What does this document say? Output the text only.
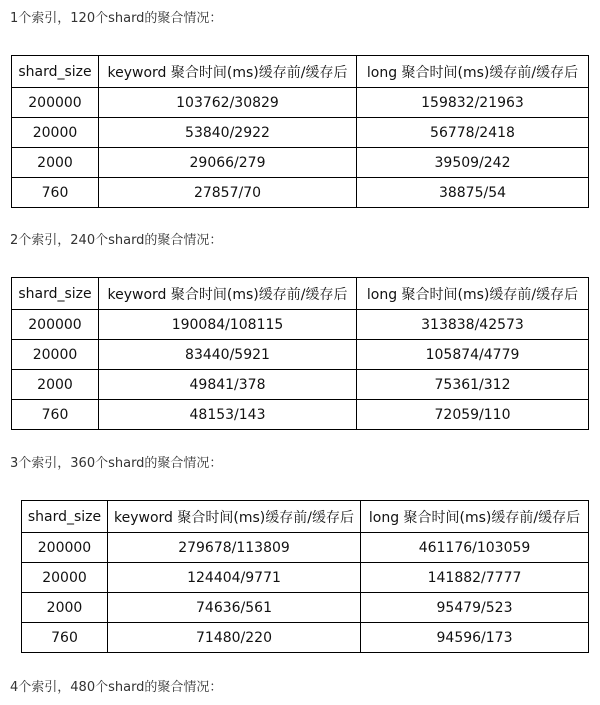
1个索引，120个shard的聚合情况：
shard_size	keyword 聚合时间(ms)缓存前/缓存后	long 聚合时间(ms)缓存前/缓存后
200000	103762/30829	159832/21963
20000	53840/2922	56778/2418
2000	29066/279	39509/242
760	27857/70	38875/54
2个索引，240个shard的聚合情况：
shard_size	keyword 聚合时间(ms)缓存前/缓存后	long 聚合时间(ms)缓存前/缓存后
200000	190084/108115	313838/42573
20000	83440/5921	105874/4779
2000	49841/378	75361/312
760	48153/143	72059/110
3个索引，360个shard的聚合情况：
shard_size	keyword 聚合时间(ms)缓存前/缓存后	long 聚合时间(ms)缓存前/缓存后
200000	279678/113809	461176/103059
20000	124404/9771	141882/7777
2000	74636/561	95479/523
760	71480/220	94596/173
4个索引，480个shard的聚合情况：
